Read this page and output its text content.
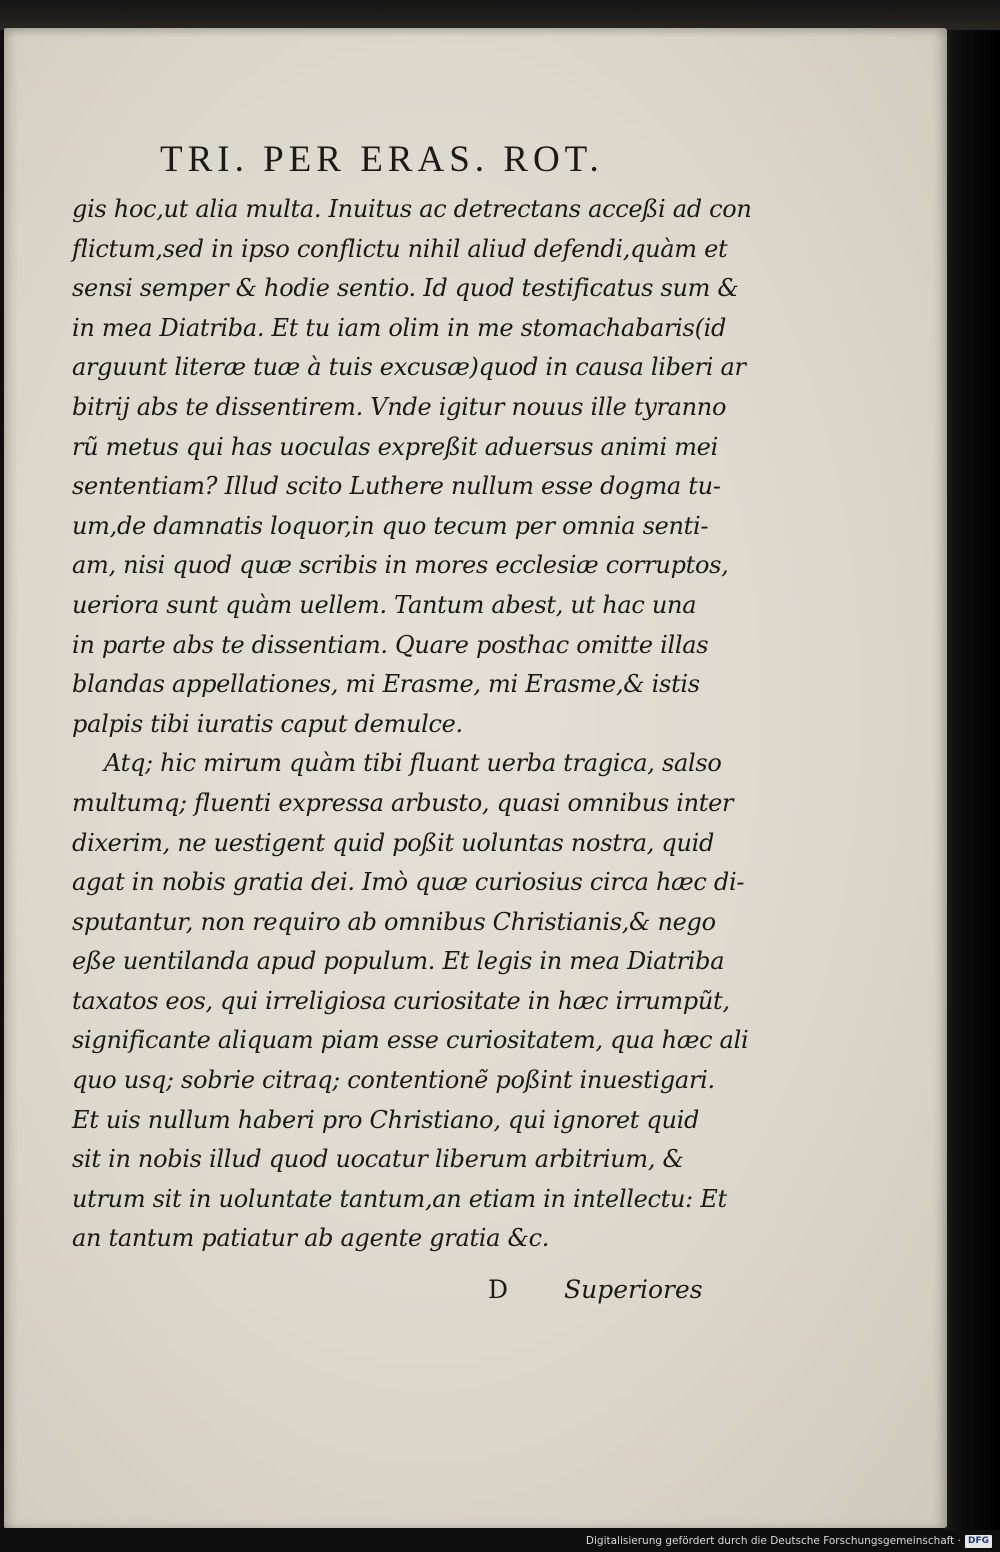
TRI. PER ERAS. ROT.
gis hoc,ut alia multa. Inuitus ac detrectans acceßi ad con
flictum,sed in ipso conflictu nihil aliud defendi,quàm et
sensi semper & hodie sentio. Id quod testificatus sum &
in mea Diatriba. Et tu iam olim in me stomachabaris(id
arguunt literæ tuæ à tuis excusæ)quod in causa liberi ar
bitrij abs te dissentirem. Vnde igitur nouus ille tyranno
rũ metus qui has uoculas expreßit aduersus animi mei
sententiam? Illud scito Luthere nullum esse dogma tu-
um,de damnatis loquor,in quo tecum per omnia senti-
am, nisi quod quæ scribis in mores ecclesiæ corruptos,
ueriora sunt quàm uellem. Tantum abest, ut hac una
in parte abs te dissentiam. Quare posthac omitte illas
blandas appellationes, mi Erasme, mi Erasme,& istis
palpis tibi iuratis caput demulce.
Atq; hic mirum quàm tibi fluant uerba tragica, salso
multumq; fluenti expressa arbusto, quasi omnibus inter
dixerim, ne uestigent quid poßit uoluntas nostra, quid
agat in nobis gratia dei. Imò quæ curiosius circa hæc di-
sputantur, non requiro ab omnibus Christianis,& nego
eße uentilanda apud populum. Et legis in mea Diatriba
taxatos eos, qui irreligiosa curiositate in hæc irrumpũt,
significante aliquam piam esse curiositatem, qua hæc ali
quo usq; sobrie citraq; contentionẽ poßint inuestigari.
Et uis nullum haberi pro Christiano, qui ignoret quid
sit in nobis illud quod uocatur liberum arbitrium, &
utrum sit in uoluntate tantum,an etiam in intellectu: Et
an tantum patiatur ab agente gratia &c.
D Superiores
Digitalisierung gefördert durch die Deutsche Forschungsgemeinschaft · DFG
